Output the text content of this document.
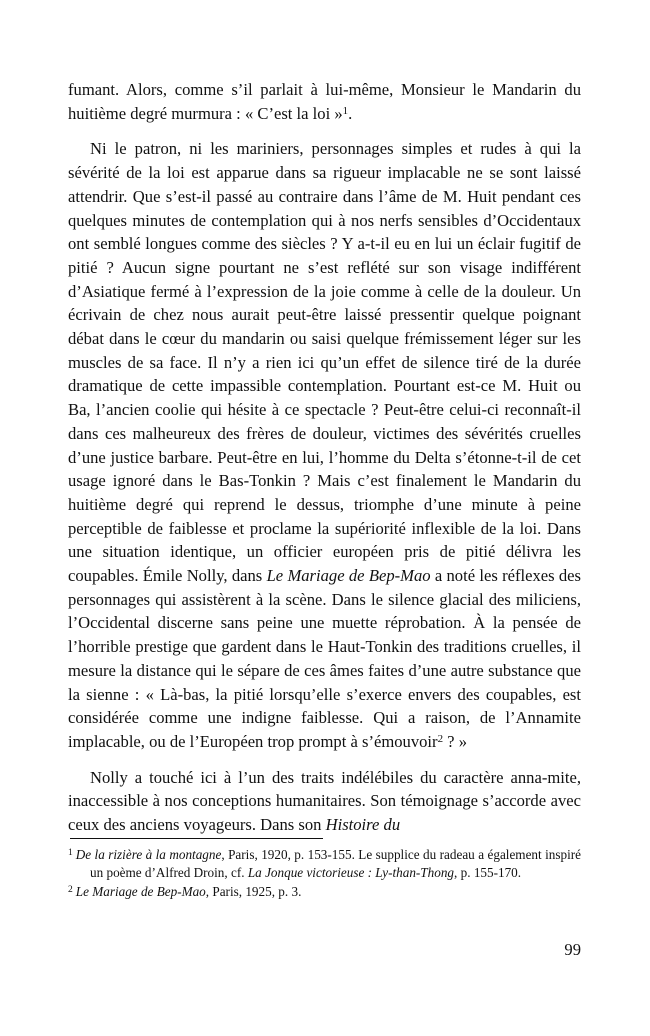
fumant. Alors, comme s’il parlait à lui-même, Monsieur le Mandarin du huitième degré murmura : « C’est la loi »$^1$.

Ni le patron, ni les mariniers, personnages simples et rudes à qui la sévérité de la loi est apparue dans sa rigueur implacable ne se sont laissé attendrir. Que s’est-il passé au contraire dans l’âme de M. Huit pendant ces quelques minutes de contemplation qui à nos nerfs sensibles d’Occidentaux ont semblé longues comme des siècles ? Y a-t-il eu en lui un éclair fugitif de pitié ? Aucun signe pourtant ne s’est reflété sur son visage indifférent d’Asiatique fermé à l’expression de la joie comme à celle de la douleur. Un écrivain de chez nous aurait peut-être laissé pressentir quelque poignant débat dans le cœur du mandarin ou saisi quelque frémissement léger sur les muscles de sa face. Il n’y a rien ici qu’un effet de silence tiré de la durée dramatique de cette impassible contemplation. Pourtant est-ce M. Huit ou Ba, l’ancien coolie qui hésite à ce spectacle ? Peut-être celui-ci reconnaît-il dans ces malheureux des frères de douleur, victimes des sévérités cruelles d’une justice barbare. Peut-être en lui, l’homme du Delta s’étonne-t-il de cet usage ignoré dans le Bas-Tonkin ? Mais c’est finalement le Mandarin du huitième degré qui reprend le dessus, triomphe d’une minute à peine perceptible de faiblesse et proclame la supériorité inflexible de la loi. Dans une situation identique, un officier européen pris de pitié délivra les coupables. Émile Nolly, dans Le Mariage de Bep-Mao a noté les réflexes des personnages qui assistèrent à la scène. Dans le silence glacial des miliciens, l’Occidental discerne sans peine une muette réprobation. À la pensée de l’horrible prestige que gardent dans le Haut-Tonkin des traditions cruelles, il mesure la distance qui le sépare de ces âmes faites d’une autre substance que la sienne : « Là-bas, la pitié lorsqu’elle s’exerce envers des coupables, est considérée comme une indigne faiblesse. Qui a raison, de l’Annamite implacable, ou de l’Européen trop prompt à s’émouvoir$^2$ ? »

Nolly a touché ici à l’un des traits indélébiles du caractère anna-mite, inaccessible à nos conceptions humanitaires. Son témoignage s’accorde avec ceux des anciens voyageurs. Dans son Histoire du

$^1$ De la rizière à la montagne, Paris, 1920, p. 153-155. Le supplice du radeau a également inspiré un poème d’Alfred Droin, cf. La Jonque victorieuse : Ly-than-Thong, p. 155-170.

$^2$ Le Mariage de Bep-Mao, Paris, 1925, p. 3.

99
